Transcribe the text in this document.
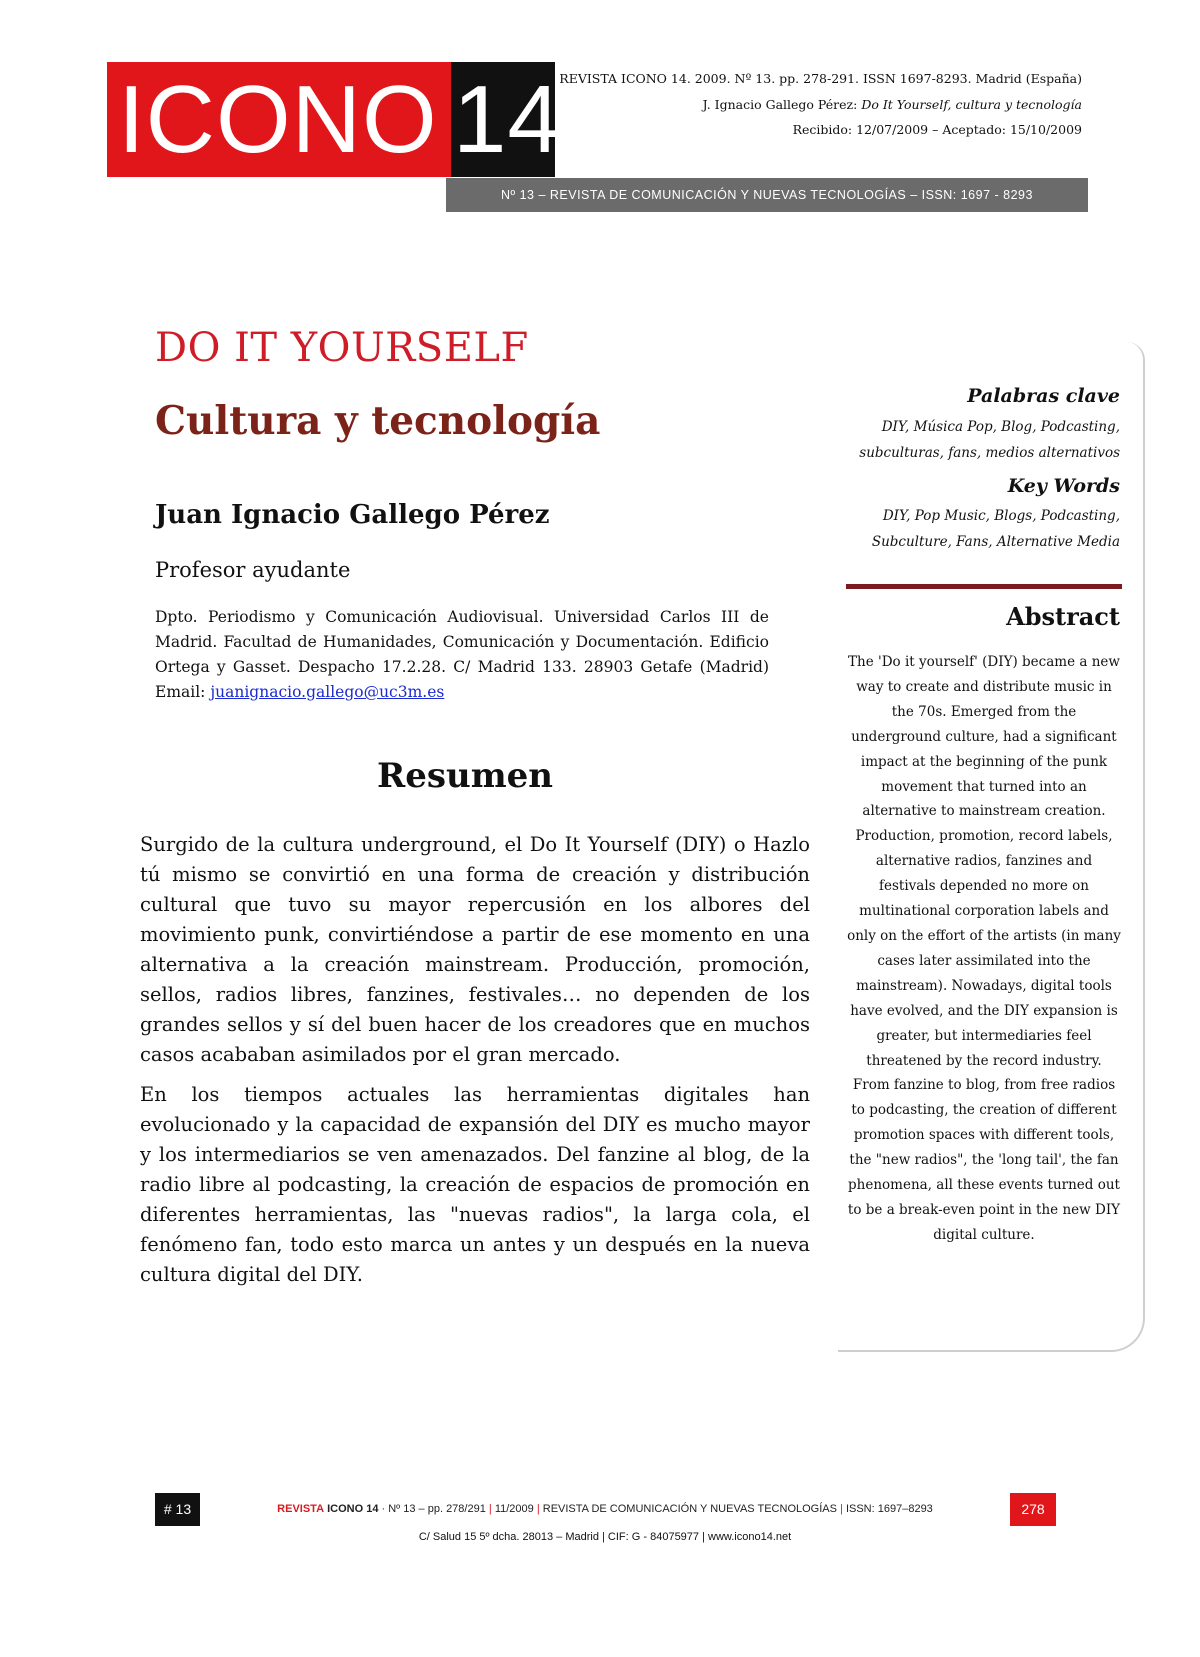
ICONO 14
REVISTA ICONO 14. 2009. Nº 13. pp. 278-291. ISSN 1697-8293. Madrid (España)
J. Ignacio Gallego Pérez: Do It Yourself, cultura y tecnología
Recibido: 12/07/2009 – Aceptado: 15/10/2009
Nº 13 – REVISTA DE COMUNICACIÓN Y NUEVAS TECNOLOGÍAS – ISSN: 1697 - 8293
DO IT YOURSELF
Cultura y tecnología
Juan Ignacio Gallego Pérez
Profesor ayudante
Dpto. Periodismo y Comunicación Audiovisual. Universidad Carlos III de Madrid. Facultad de Humanidades, Comunicación y Documentación. Edificio Ortega y Gasset. Despacho 17.2.28. C/ Madrid 133. 28903 Getafe (Madrid) Email: juanignacio.gallego@uc3m.es
Resumen

Surgido de la cultura underground, el Do It Yourself (DIY) o Hazlo tú mismo se convirtió en una forma de creación y distribución cultural que tuvo su mayor repercusión en los albores del movimiento punk, convirtiéndose a partir de ese momento en una alternativa a la creación mainstream. Producción, promoción, sellos, radios libres, fanzines, festivales… no dependen de los grandes sellos y sí del buen hacer de los creadores que en muchos casos acababan asimilados por el gran mercado.

En los tiempos actuales las herramientas digitales han evolucionado y la capacidad de expansión del DIY es mucho mayor y los intermediarios se ven amenazados. Del fanzine al blog, de la radio libre al podcasting, la creación de espacios de promoción en diferentes herramientas, las "nuevas radios", la larga cola, el fenómeno fan, todo esto marca un antes y un después en la nueva cultura digital del DIY.

Palabras clave
DIY, Música Pop, Blog, Podcasting,
subculturas, fans, medios alternativos
Key Words
DIY, Pop Music, Blogs, Podcasting,
Subculture, Fans, Alternative Media
Abstract
The 'Do it yourself' (DIY) became a new way to create and distribute music in the 70s. Emerged from the underground culture, had a significant impact at the beginning of the punk movement that turned into an alternative to mainstream creation. Production, promotion, record labels, alternative radios, fanzines and festivals depended no more on multinational corporation labels and only on the effort of the artists (in many cases later assimilated into the mainstream). Nowadays, digital tools have evolved, and the DIY expansion is greater, but intermediaries feel threatened by the record industry. From fanzine to blog, from free radios to podcasting, the creation of different promotion spaces with different tools, the "new radios", the 'long tail', the fan phenomena, all these events turned out to be a break-even point in the new DIY digital culture.
# 13	REVISTA ICONO 14 · Nº 13 – pp. 278/291 | 11/2009 | REVISTA DE COMUNICACIÓN Y NUEVAS TECNOLOGÍAS | ISSN: 1697–8293	278
C/ Salud 15 5º dcha. 28013 – Madrid | CIF: G - 84075977 | www.icono14.net
